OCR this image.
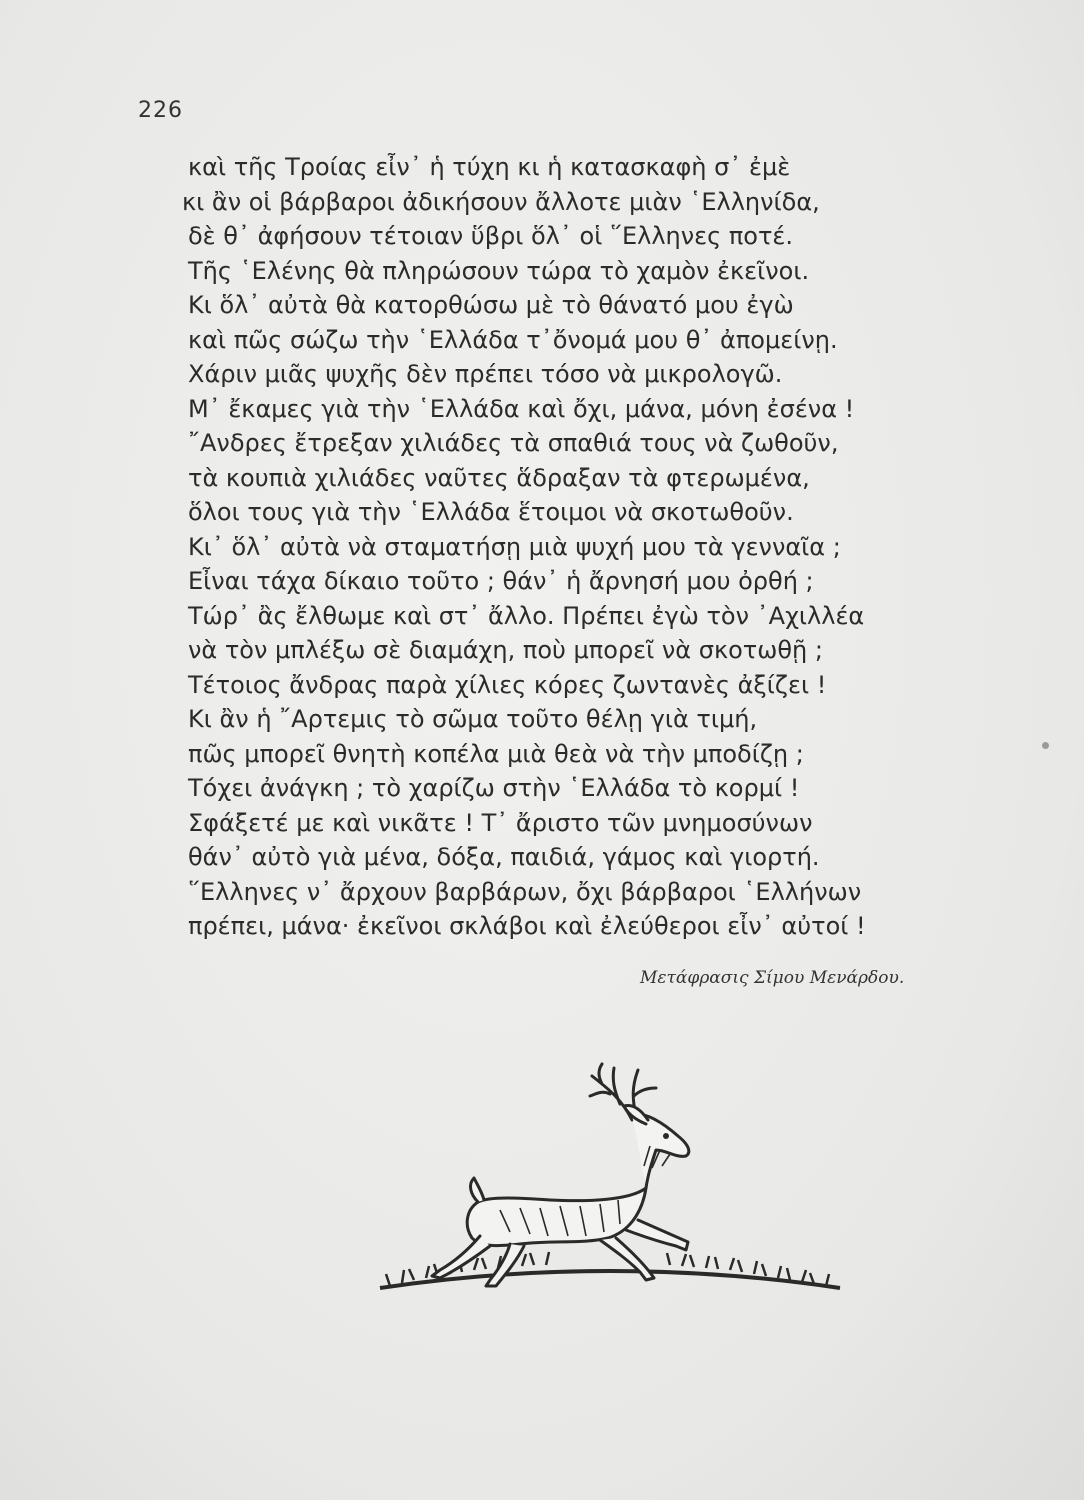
226
καὶ τῆς Τροίας εἶν᾽ ἡ τύχη κι ἡ κατασκαφὴ σ᾽ ἐμὲ
κι ἂν οἱ βάρβαροι ἀδικήσουν ἄλλοτε μιὰν ῾Ελληνίδα,
δὲ θ᾽ ἀφήσουν τέτοιαν ὕβρι ὅλ᾽ οἱ ῞Ελληνες ποτέ.
Τῆς ῾Ελένης θὰ πληρώσουν τώρα τὸ χαμὸν ἐκεῖνοι.
Κι ὅλ᾽ αὐτὰ θὰ κατορθώσω μὲ τὸ θάνατό μου ἐγὼ
καὶ πῶς σώζω τὴν ῾Ελλάδα τ᾽ὄνομά μου θ᾽ ἀπομείνῃ.
Χάριν μιᾶς ψυχῆς δὲν πρέπει τόσο νὰ μικρολογῶ.
Μ᾽ ἔκαμες γιὰ τὴν ῾Ελλάδα καὶ ὄχι, μάνα, μόνη ἐσένα !
῎Ανδρες ἔτρεξαν χιλιάδες τὰ σπαθιά τους νὰ ζωθοῦν,
τὰ κουπιὰ χιλιάδες ναῦτες ἅδραξαν τὰ φτερωμένα,
ὅλοι τους γιὰ τὴν ῾Ελλάδα ἕτοιμοι νὰ σκοτωθοῦν.
Κι᾽ ὅλ᾽ αὐτὰ νὰ σταματήσῃ μιὰ ψυχή μου τὰ γενναῖα ;
Εἶναι τάχα δίκαιο τοῦτο ; θάν᾽ ἡ ἄρνησή μου ὀρθή ;
Τώρ᾽ ἂς ἔλθωμε καὶ στ᾽ ἄλλο. Πρέπει ἐγὼ τὸν ᾽Αχιλλέα
νὰ τὸν μπλέξω σὲ διαμάχη, ποὺ μπορεῖ νὰ σκοτωθῇ ;
Τέτοιος ἄνδρας παρὰ χίλιες κόρες ζωντανὲς ἀξίζει !
Κι ἂν ἡ ῎Αρτεμις τὸ σῶμα τοῦτο θέλῃ γιὰ τιμή,
πῶς μπορεῖ θνητὴ κοπέλα μιὰ θεὰ νὰ τὴν μποδίζῃ ;
Τόχει ἀνάγκη ; τὸ χαρίζω στὴν ῾Ελλάδα τὸ κορμί !
Σφάξετέ με καὶ νικᾶτε ! Τ᾽ ἄριστο τῶν μνημοσύνων
θάν᾽ αὐτὸ γιὰ μένα, δόξα, παιδιά, γάμος καὶ γιορτή.
῞Ελληνες ν᾽ ἄρχουν βαρβάρων, ὄχι βάρβαροι ῾Ελλήνων
πρέπει, μάνα· ἐκεῖνοι σκλάβοι καὶ ἐλεύθεροι εἶν᾽ αὐτοί !
Μετάφρασις Σίμου Μενάρδου.
